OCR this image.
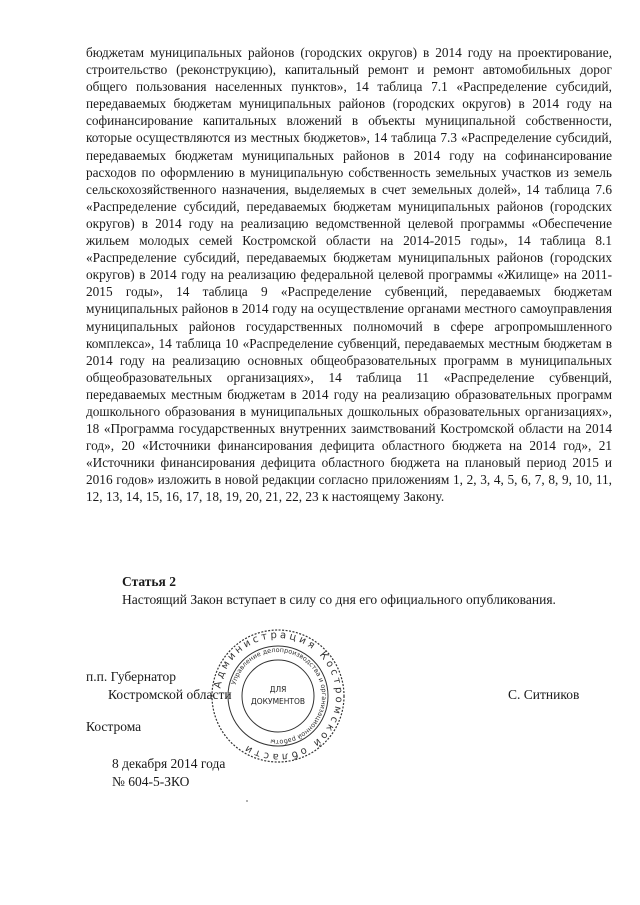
бюджетам муниципальных районов (городских округов) в 2014 году на проектирование, строительство (реконструкцию), капитальный ремонт и ремонт автомобильных дорог общего пользования населенных пунктов», 14 таблица 7.1 «Распределение субсидий, передаваемых бюджетам муниципальных районов (городских округов) в 2014 году на софинансирование капитальных вложений в объекты муниципальной собственности, которые осуществляются из местных бюджетов», 14 таблица 7.3 «Распределение субсидий, передаваемых бюджетам муниципальных районов в 2014 году на софинансирование расходов по оформлению в муниципальную собственность земельных участков из земель сельскохозяйственного назначения, выделяемых в счет земельных долей», 14 таблица 7.6 «Распределение субсидий, передаваемых бюджетам муниципальных районов (городских округов) в 2014 году на реализацию ведомственной целевой программы «Обеспечение жильем молодых семей Костромской области на 2014-2015 годы», 14 таблица 8.1 «Распределение субсидий, передаваемых бюджетам муниципальных районов (городских округов) в 2014 году на реализацию федеральной целевой программы «Жилище» на 2011-2015 годы», 14 таблица 9 «Распределение субвенций, передаваемых бюджетам муниципальных районов в 2014 году на осуществление органами местного самоуправления муниципальных районов государственных полномочий в сфере агропромышленного комплекса», 14 таблица 10 «Распределение субвенций, передаваемых местным бюджетам в 2014 году на реализацию основных общеобразовательных программ в муниципальных общеобразовательных организациях», 14 таблица 11 «Распределение субвенций, передаваемых местным бюджетам в 2014 году на реализацию образовательных программ дошкольного образования в муниципальных дошкольных образовательных организациях», 18 «Программа государственных внутренних заимствований Костромской области на 2014 год», 20 «Источники финансирования дефицита областного бюджета на 2014 год», 21 «Источники финансирования дефицита областного бюджета на плановый период 2015 и 2016 годов» изложить в новой редакции согласно приложениям 1, 2, 3, 4, 5, 6, 7, 8, 9, 10, 11, 12, 13, 14, 15, 16, 17, 18, 19, 20, 21, 22, 23 к настоящему Закону.

Статья 2

Настоящий Закон вступает в силу со дня его официального опубликования.

п.п. Губернатор
Костромской области	С. Ситников
Кострома
8 декабря 2014 года
№ 604-5-ЗКО
Администрация Костромской области
Управление делопроизводства и организационной работы
ДЛЯ
ДОКУМЕНТОВ
